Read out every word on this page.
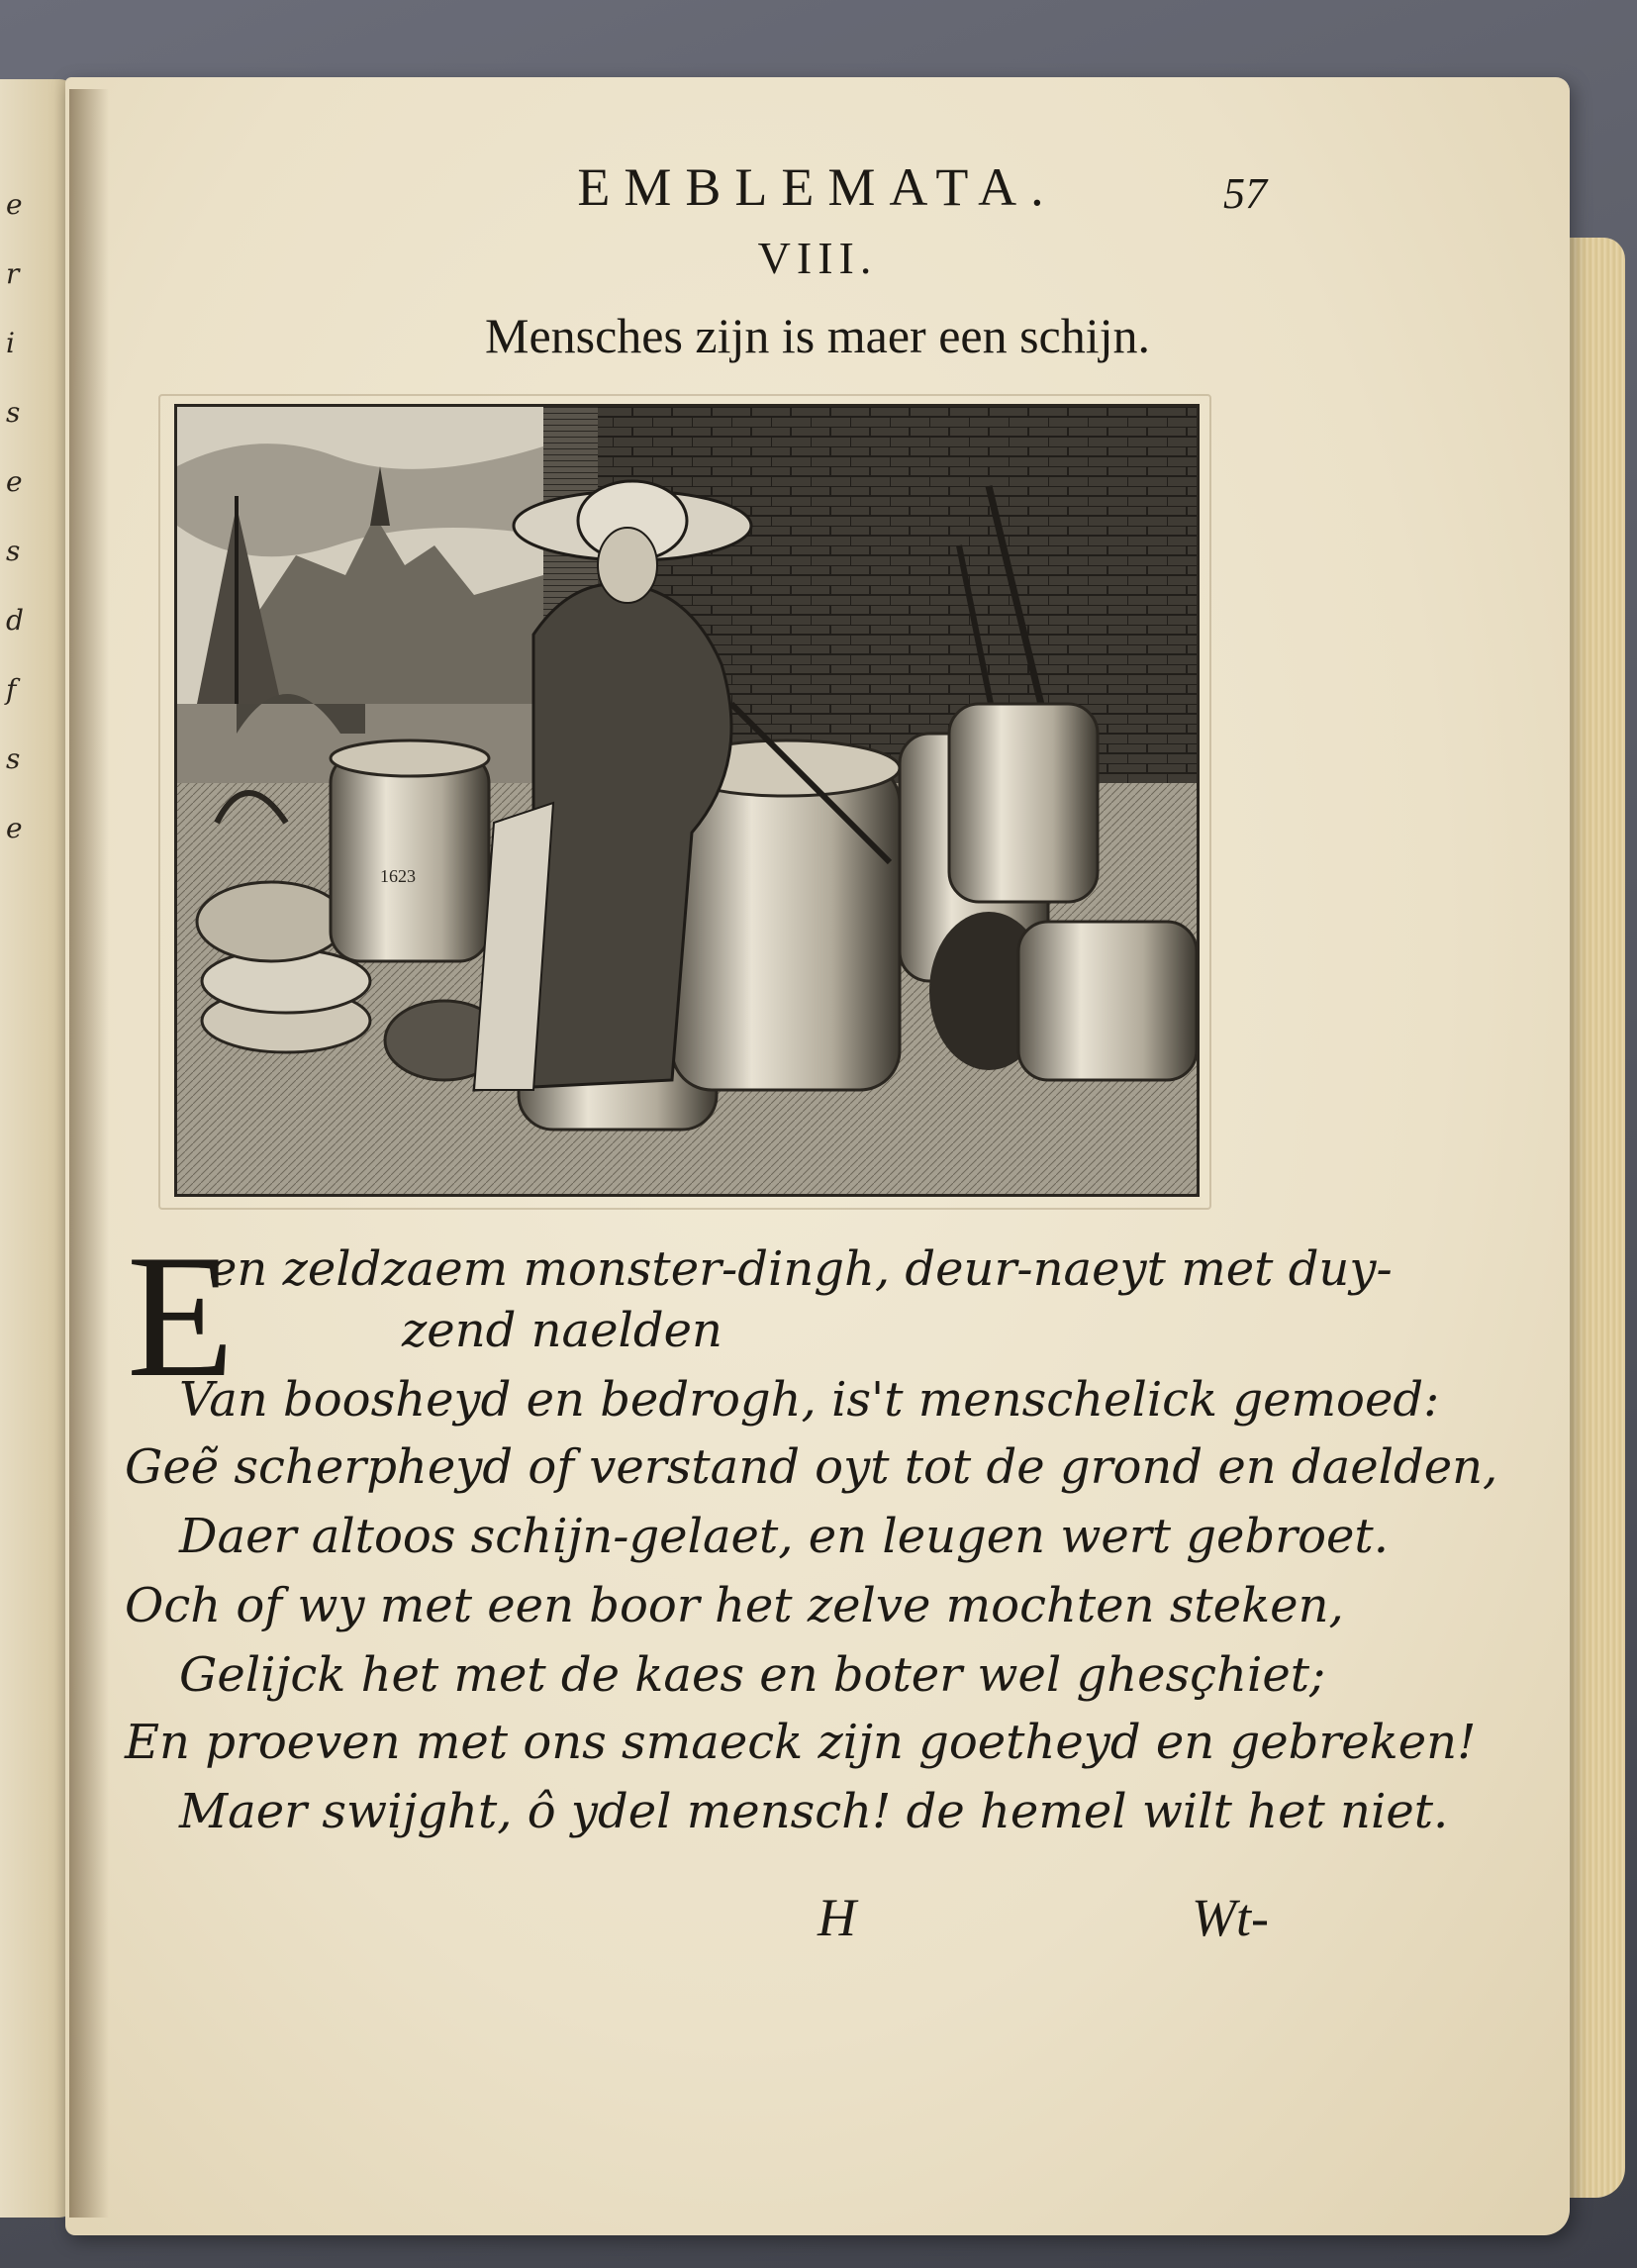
e
r
i
s
e
s
d
f
s
e
EMBLEMATA.	57
VIII.
Mensches zijn is maer een schijn.
1623
E
en zeldzaem monster-dingh, deur-naeyt met duy-
zend naelden
Van boosheyd en bedrogh, is't menschelick gemoed:
Geẽ scherpheyd of verstand oyt tot de grond en daelden,
Daer altoos schijn-gelaet, en leugen wert gebroet.
Och of wy met een boor het zelve mochten steken,
Gelijck het met de kaes en boter wel ghesçhiet;
En proeven met ons smaeck zijn goetheyd en gebreken!
Maer swijght, ô ydel mensch! de hemel wilt het niet.
H	Wt-
